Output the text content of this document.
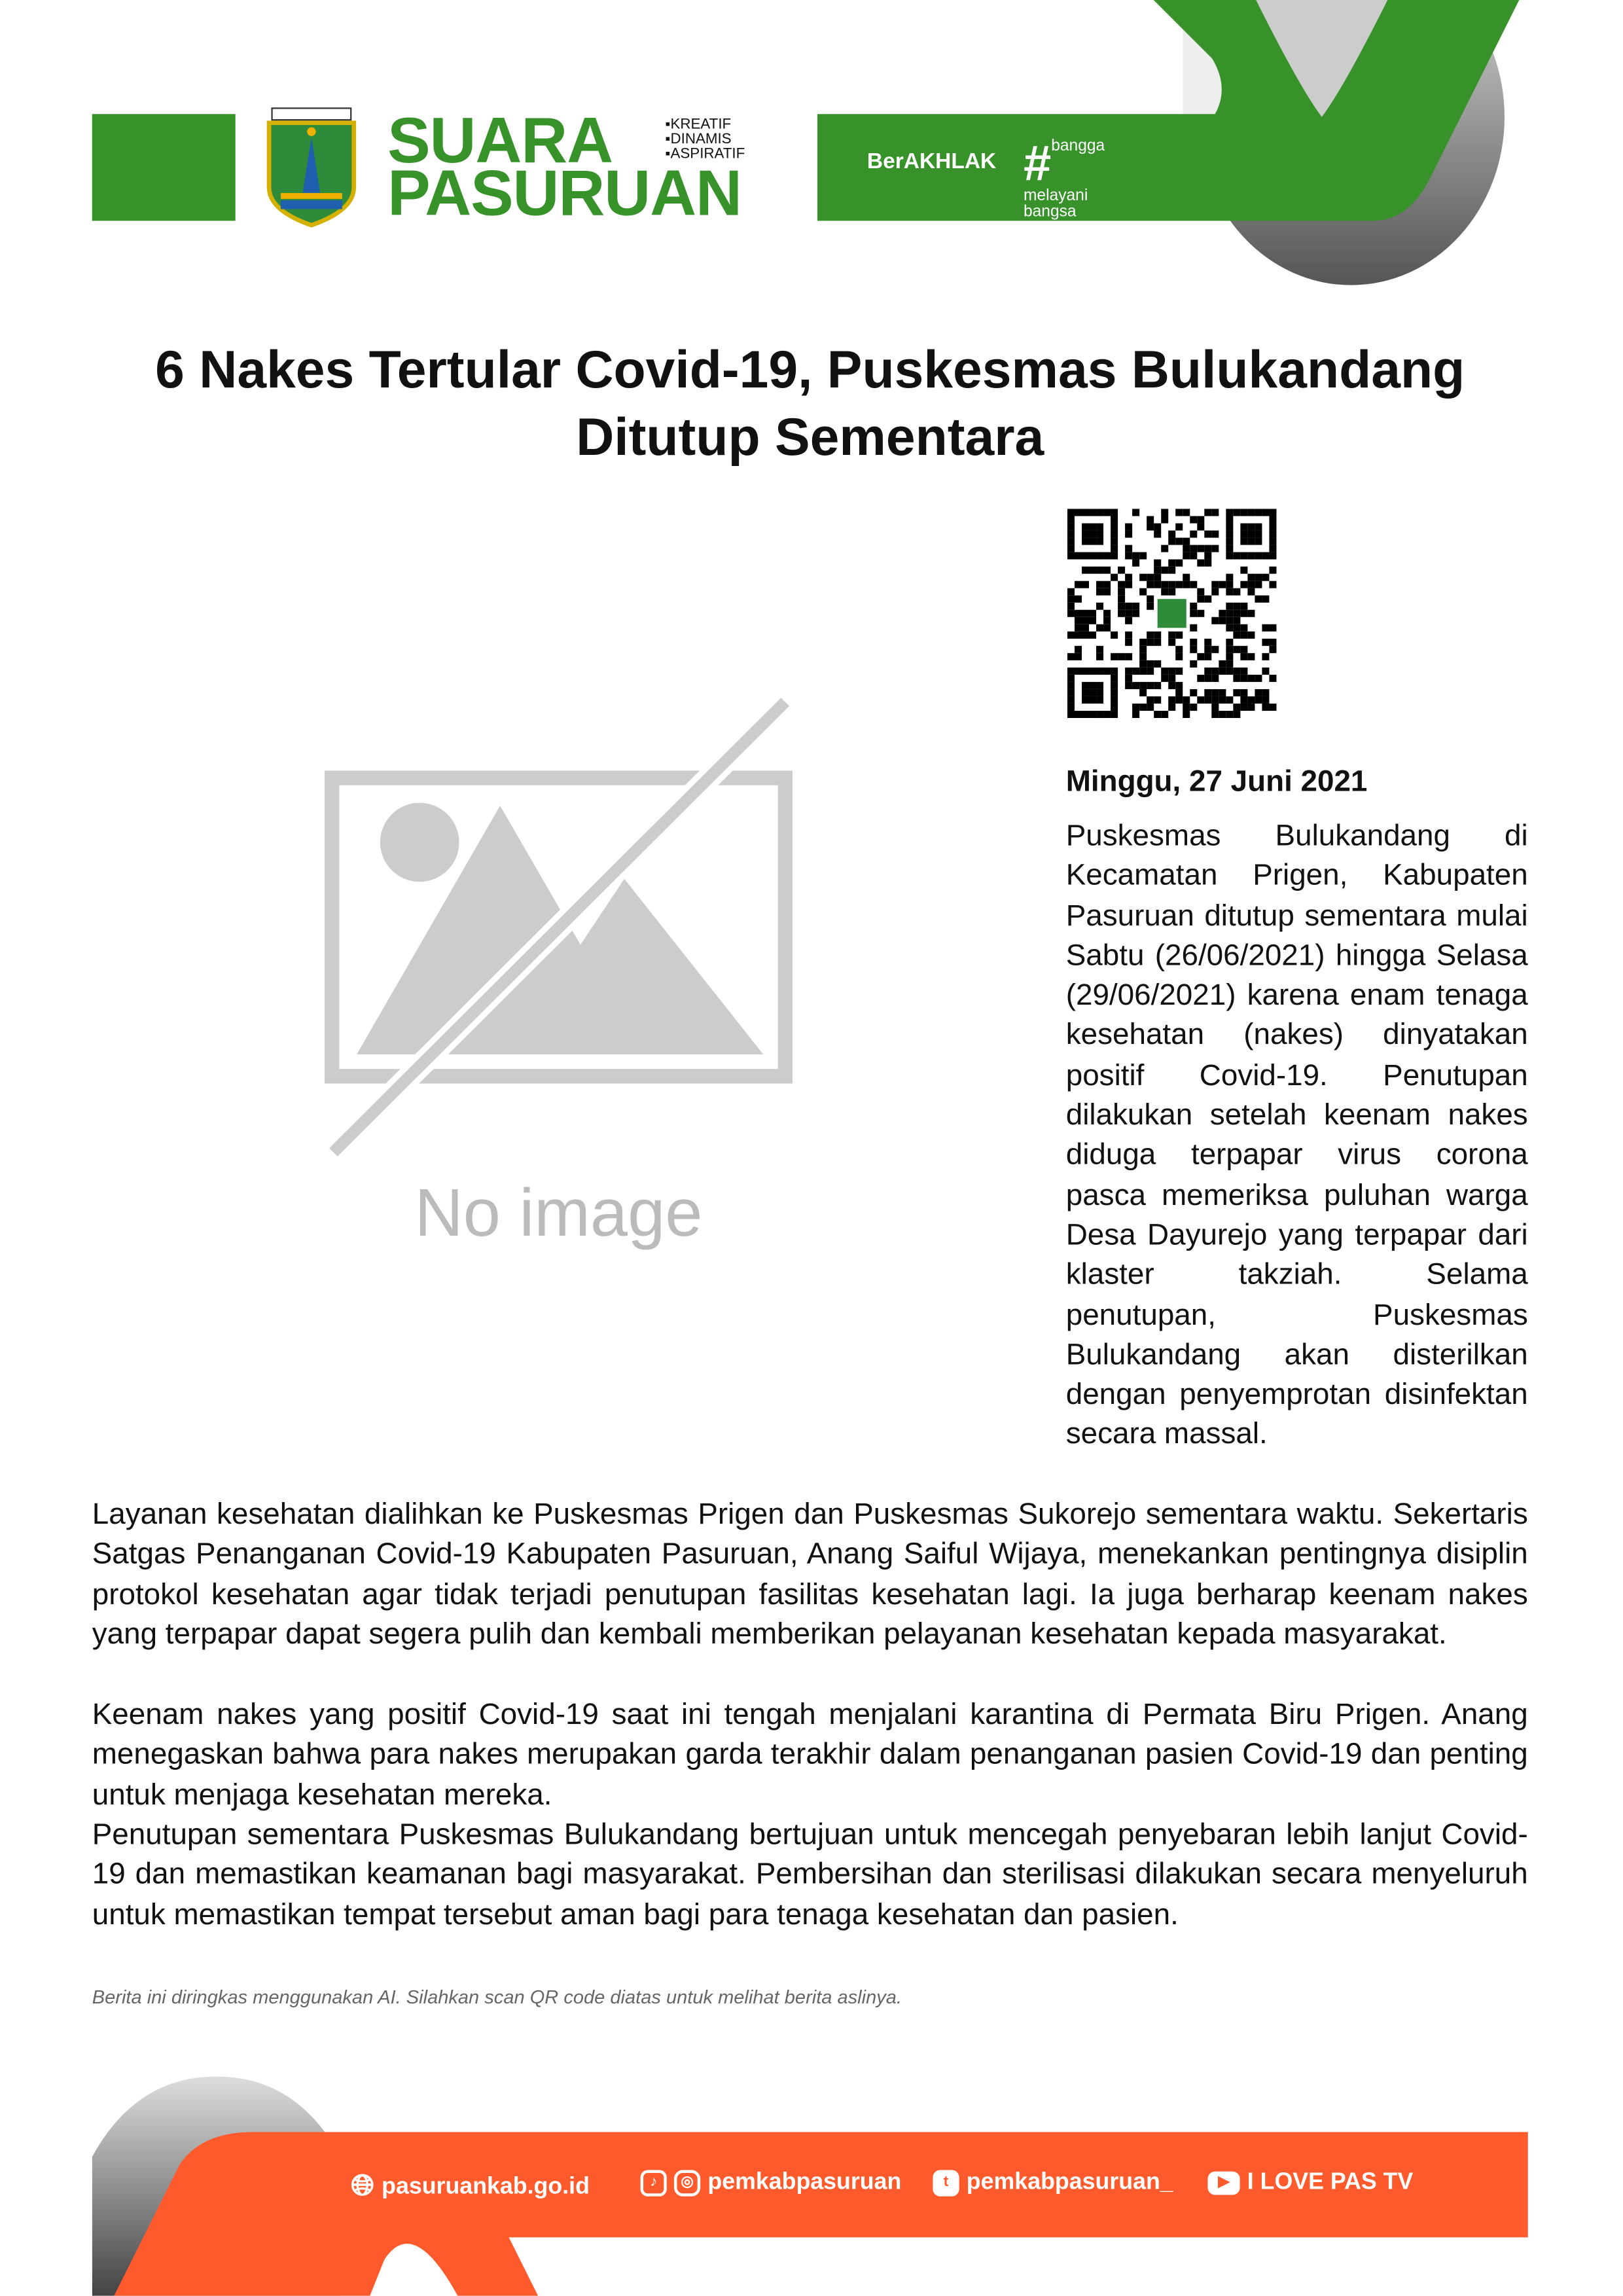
SUARA
PASURUAN
▪KREATIF
▪DINAMIS
▪ASPIRATIF	BerAKHLAK # bangga
melayani
bangsa
6 Nakes Tertular Covid-19, Puskesmas Bulukandang Ditutup Sementara
No image
Minggu, 27 Juni 2021
Puskesmas Bulukandang di Kecamatan Prigen, Kabupaten Pasuruan ditutup sementara mulai Sabtu (26/06/2021) hingga Selasa (29/06/2021) karena enam tenaga kesehatan (nakes) dinyatakan positif Covid-19. Penutupan dilakukan setelah keenam nakes diduga terpapar virus corona pasca memeriksa puluhan warga Desa Dayurejo yang terpapar dari klaster takziah. Selama penutupan, Puskesmas Bulukandang akan disterilkan dengan penyemprotan disinfektan secara massal.

Layanan kesehatan dialihkan ke Puskesmas Prigen dan Puskesmas Sukorejo sementara waktu. Sekertaris Satgas Penanganan Covid-19 Kabupaten Pasuruan, Anang Saiful Wijaya, menekankan pentingnya disiplin protokol kesehatan agar tidak terjadi penutupan fasilitas kesehatan lagi. Ia juga berharap keenam nakes yang terpapar dapat segera pulih dan kembali memberikan pelayanan kesehatan kepada masyarakat.

Keenam nakes yang positif Covid-19 saat ini tengah menjalani karantina di Permata Biru Prigen. Anang menegaskan bahwa para nakes merupakan garda terakhir dalam penanganan pasien Covid-19 dan penting untuk menjaga kesehatan mereka.

Penutupan sementara Puskesmas Bulukandang bertujuan untuk mencegah penyebaran lebih lanjut Covid-19 dan memastikan keamanan bagi masyarakat. Pembersihan dan sterilisasi dilakukan secara menyeluruh untuk memastikan tempat tersebut aman bagi para tenaga kesehatan dan pasien.

Berita ini diringkas menggunakan AI. Silahkan scan QR code diatas untuk melihat berita aslinya.
🌐︎ pasuruankab.go.id	♪	◎	pemkabpasuruan	t	pemkabpasuruan_	▶	I LOVE PAS TV
